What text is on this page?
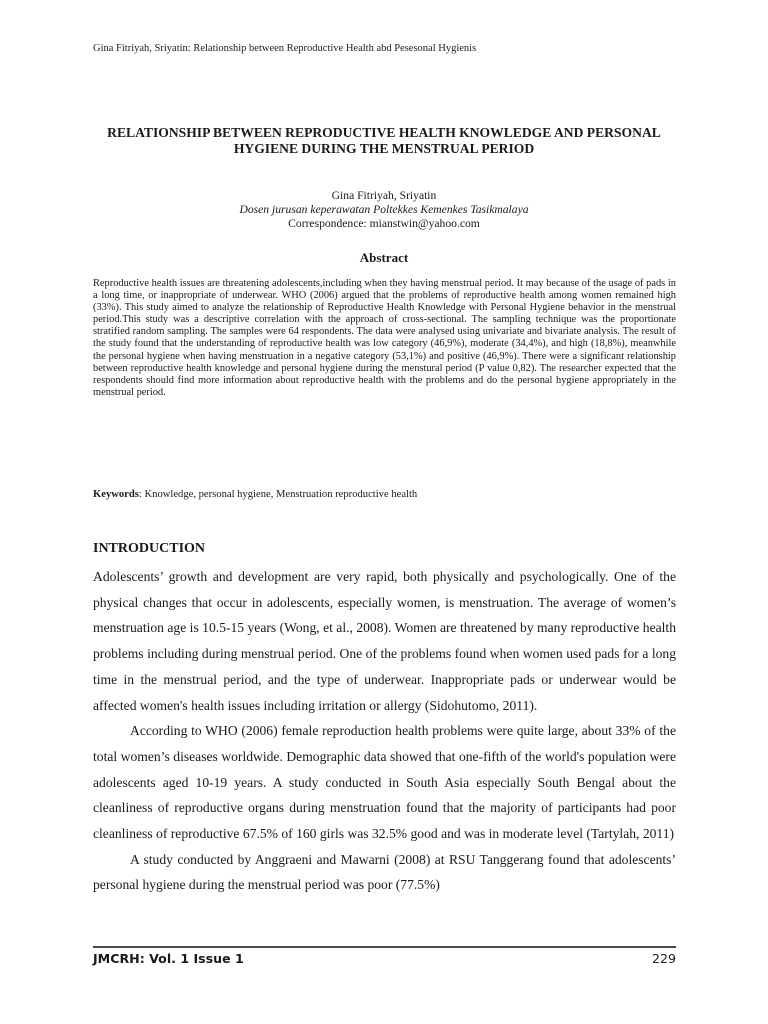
Gina Fitriyah, Sriyatin: Relationship between Reproductive Health abd Pesesonal Hygienis
RELATIONSHIP BETWEEN REPRODUCTIVE HEALTH KNOWLEDGE AND PERSONAL HYGIENE DURING THE MENSTRUAL PERIOD
Gina Fitriyah, Sriyatin
Dosen jurusan keperawatan Poltekkes Kemenkes Tasikmalaya
Correspondence: mianstwin@yahoo.com
Abstract
Reproductive health issues are threatening adolescents,including when they having menstrual period. It may because of the usage of pads in a long time, or inappropriate of underwear. WHO (2006) argued that the problems of reproductive health among women remained high (33%). This study aimed to analyze the relationship of Reproductive Health Knowledge with Personal Hygiene behavior in the menstrual period.This study was a descriptive correlation with the approach of cross-sectional. The sampling technique was the proportionate stratified random sampling. The samples were 64 respondents. The data were analysed using univariate and bivariate analysis. The result of the study found that the understanding of reproductive health was low category (46,9%), moderate (34,4%), and high (18,8%), meanwhile the personal hygiene when having menstruation in a negative category (53,1%) and positive (46,9%). There were a significant relationship between reproductive health knowledge and personal hygiene during the menstural period (P value 0,82). The researcher expected that the respondents should find more information about reproductive health with the problems and do the personal hygiene appropriately in the menstrual period.
Keywords: Knowledge, personal hygiene, Menstruation reproductive health
INTRODUCTION

Adolescents’ growth and development are very rapid, both physically and psychologically. One of the physical changes that occur in adolescents, especially women, is menstruation. The average of women’s menstruation age is 10.5-15 years (Wong, et al., 2008). Women are threatened by many reproductive health problems including during menstrual period. One of the problems found when women used pads for a long time in the menstrual period, and the type of underwear. Inappropriate pads or underwear would be affected women's health issues including irritation or allergy (Sidohutomo, 2011).

According to WHO (2006) female reproduction health problems were quite large, about 33% of the total women’s diseases worldwide. Demographic data showed that one-fifth of the world's population were adolescents aged 10-19 years. A study conducted in South Asia especially South Bengal about the cleanliness of reproductive organs during menstruation found that the majority of participants had poor cleanliness of reproductive 67.5% of 160 girls was 32.5% good and was in moderate level (Tartylah, 2011)

A study conducted by Anggraeni and Mawarni (2008) at RSU Tanggerang found that adolescents’ personal hygiene during the menstrual period was poor (77.5%)

JMCRH: Vol. 1 Issue 1	229
